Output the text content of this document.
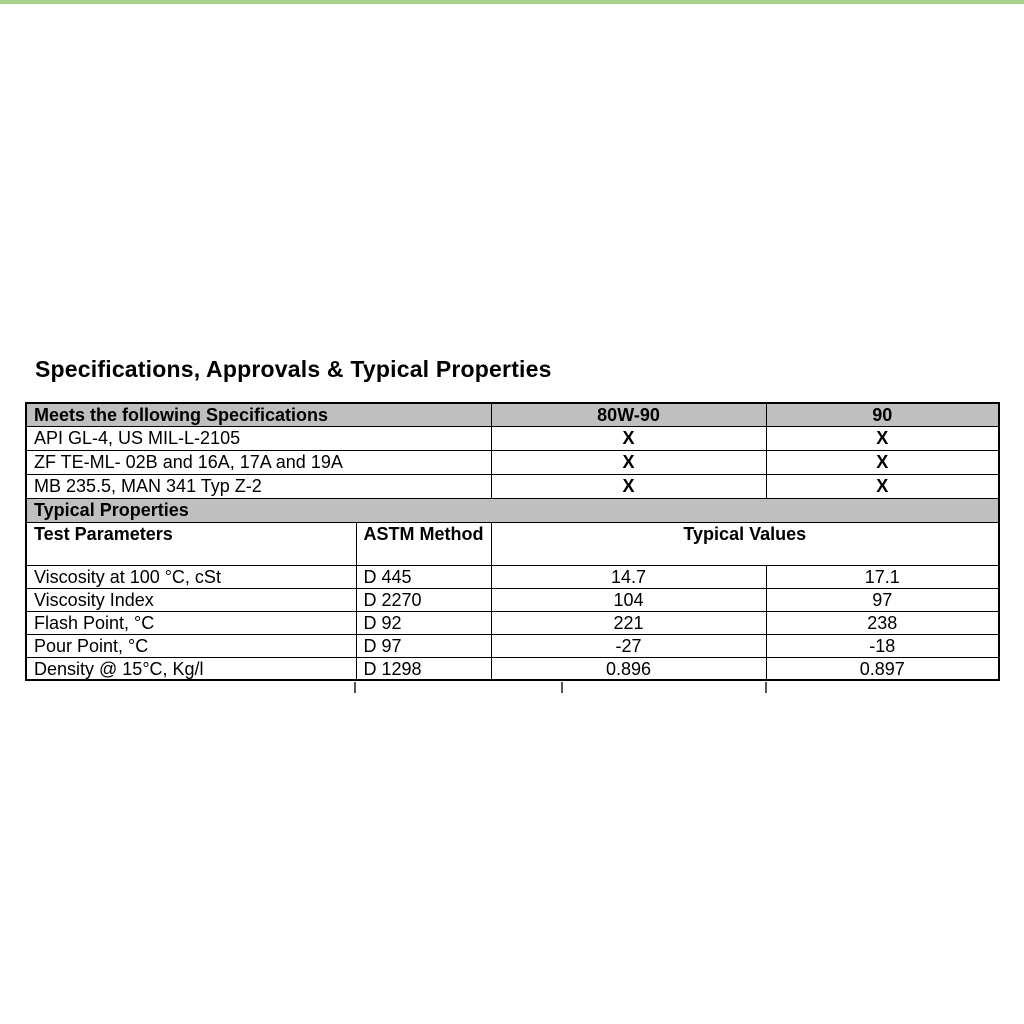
Specifications, Approvals & Typical Properties
Meets the following Specifications		80W-90	90
API GL-4, US MIL-L-2105		X	X
ZF TE-ML- 02B and 16A, 17A and 19A		X	X
MB 235.5, MAN 341 Typ Z-2		X	X
Typical Properties			
Test Parameters	ASTM Method	Typical Values	
Viscosity at 100 °C, cSt	D 445	14.7	17.1
Viscosity Index	D 2270	104	97
Flash Point, °C	D 92	221	238
Pour Point, °C	D 97	-27	-18
Density @ 15°C, Kg/l	D 1298	0.896	0.897
